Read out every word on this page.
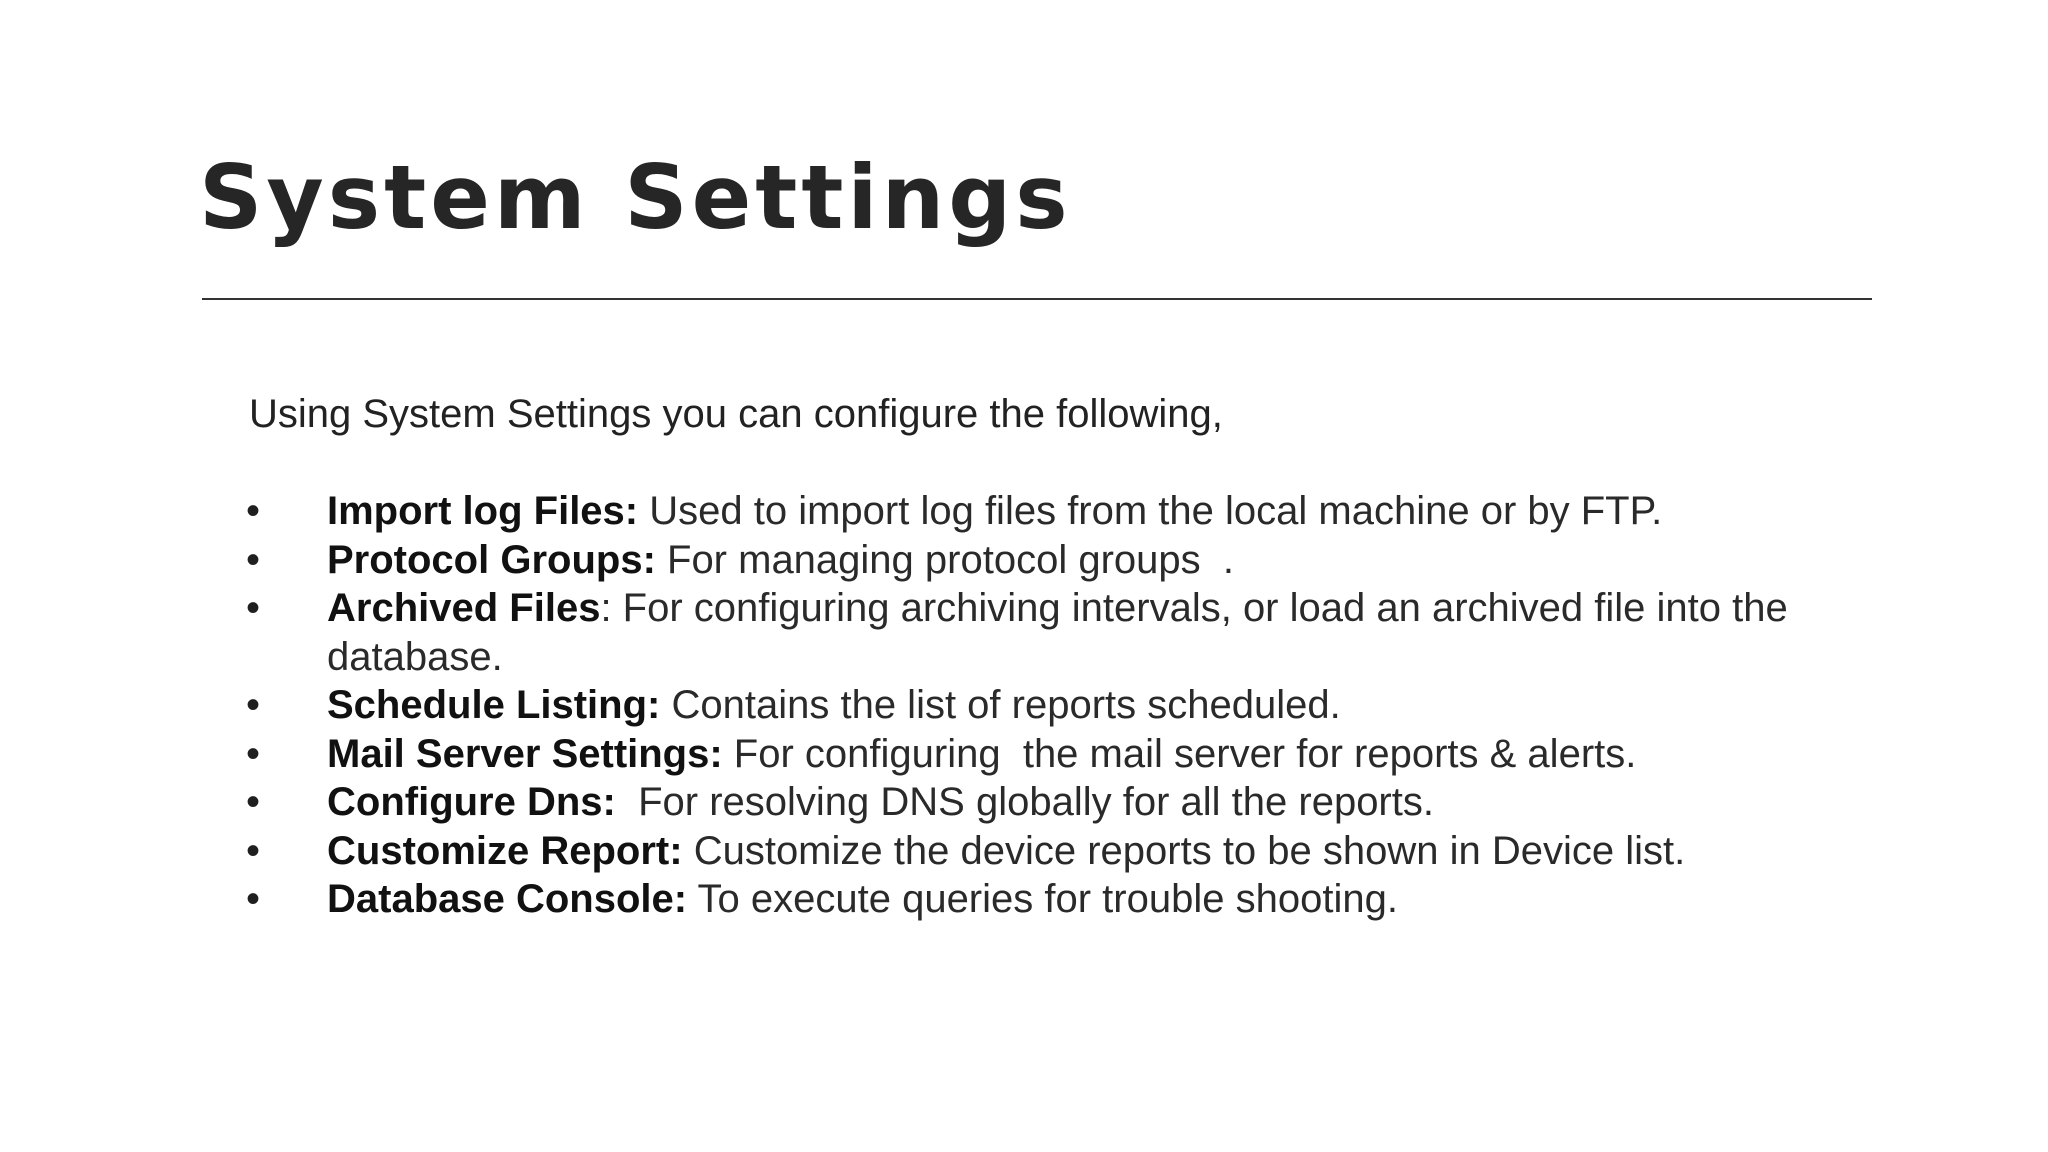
System Settings
Using System Settings you can configure the following,
•	Import log Files: Used to import log files from the local machine or by FTP.
•	Protocol Groups: For managing protocol groups  .
•	Archived Files: For configuring archiving intervals, or load an archived file into the database.
•	Schedule Listing: Contains the list of reports scheduled.
•	Mail Server Settings: For configuring  the mail server for reports & alerts.
•	Configure Dns:  For resolving DNS globally for all the reports.
•	Customize Report: Customize the device reports to be shown in Device list.
•	Database Console: To execute queries for trouble shooting.
